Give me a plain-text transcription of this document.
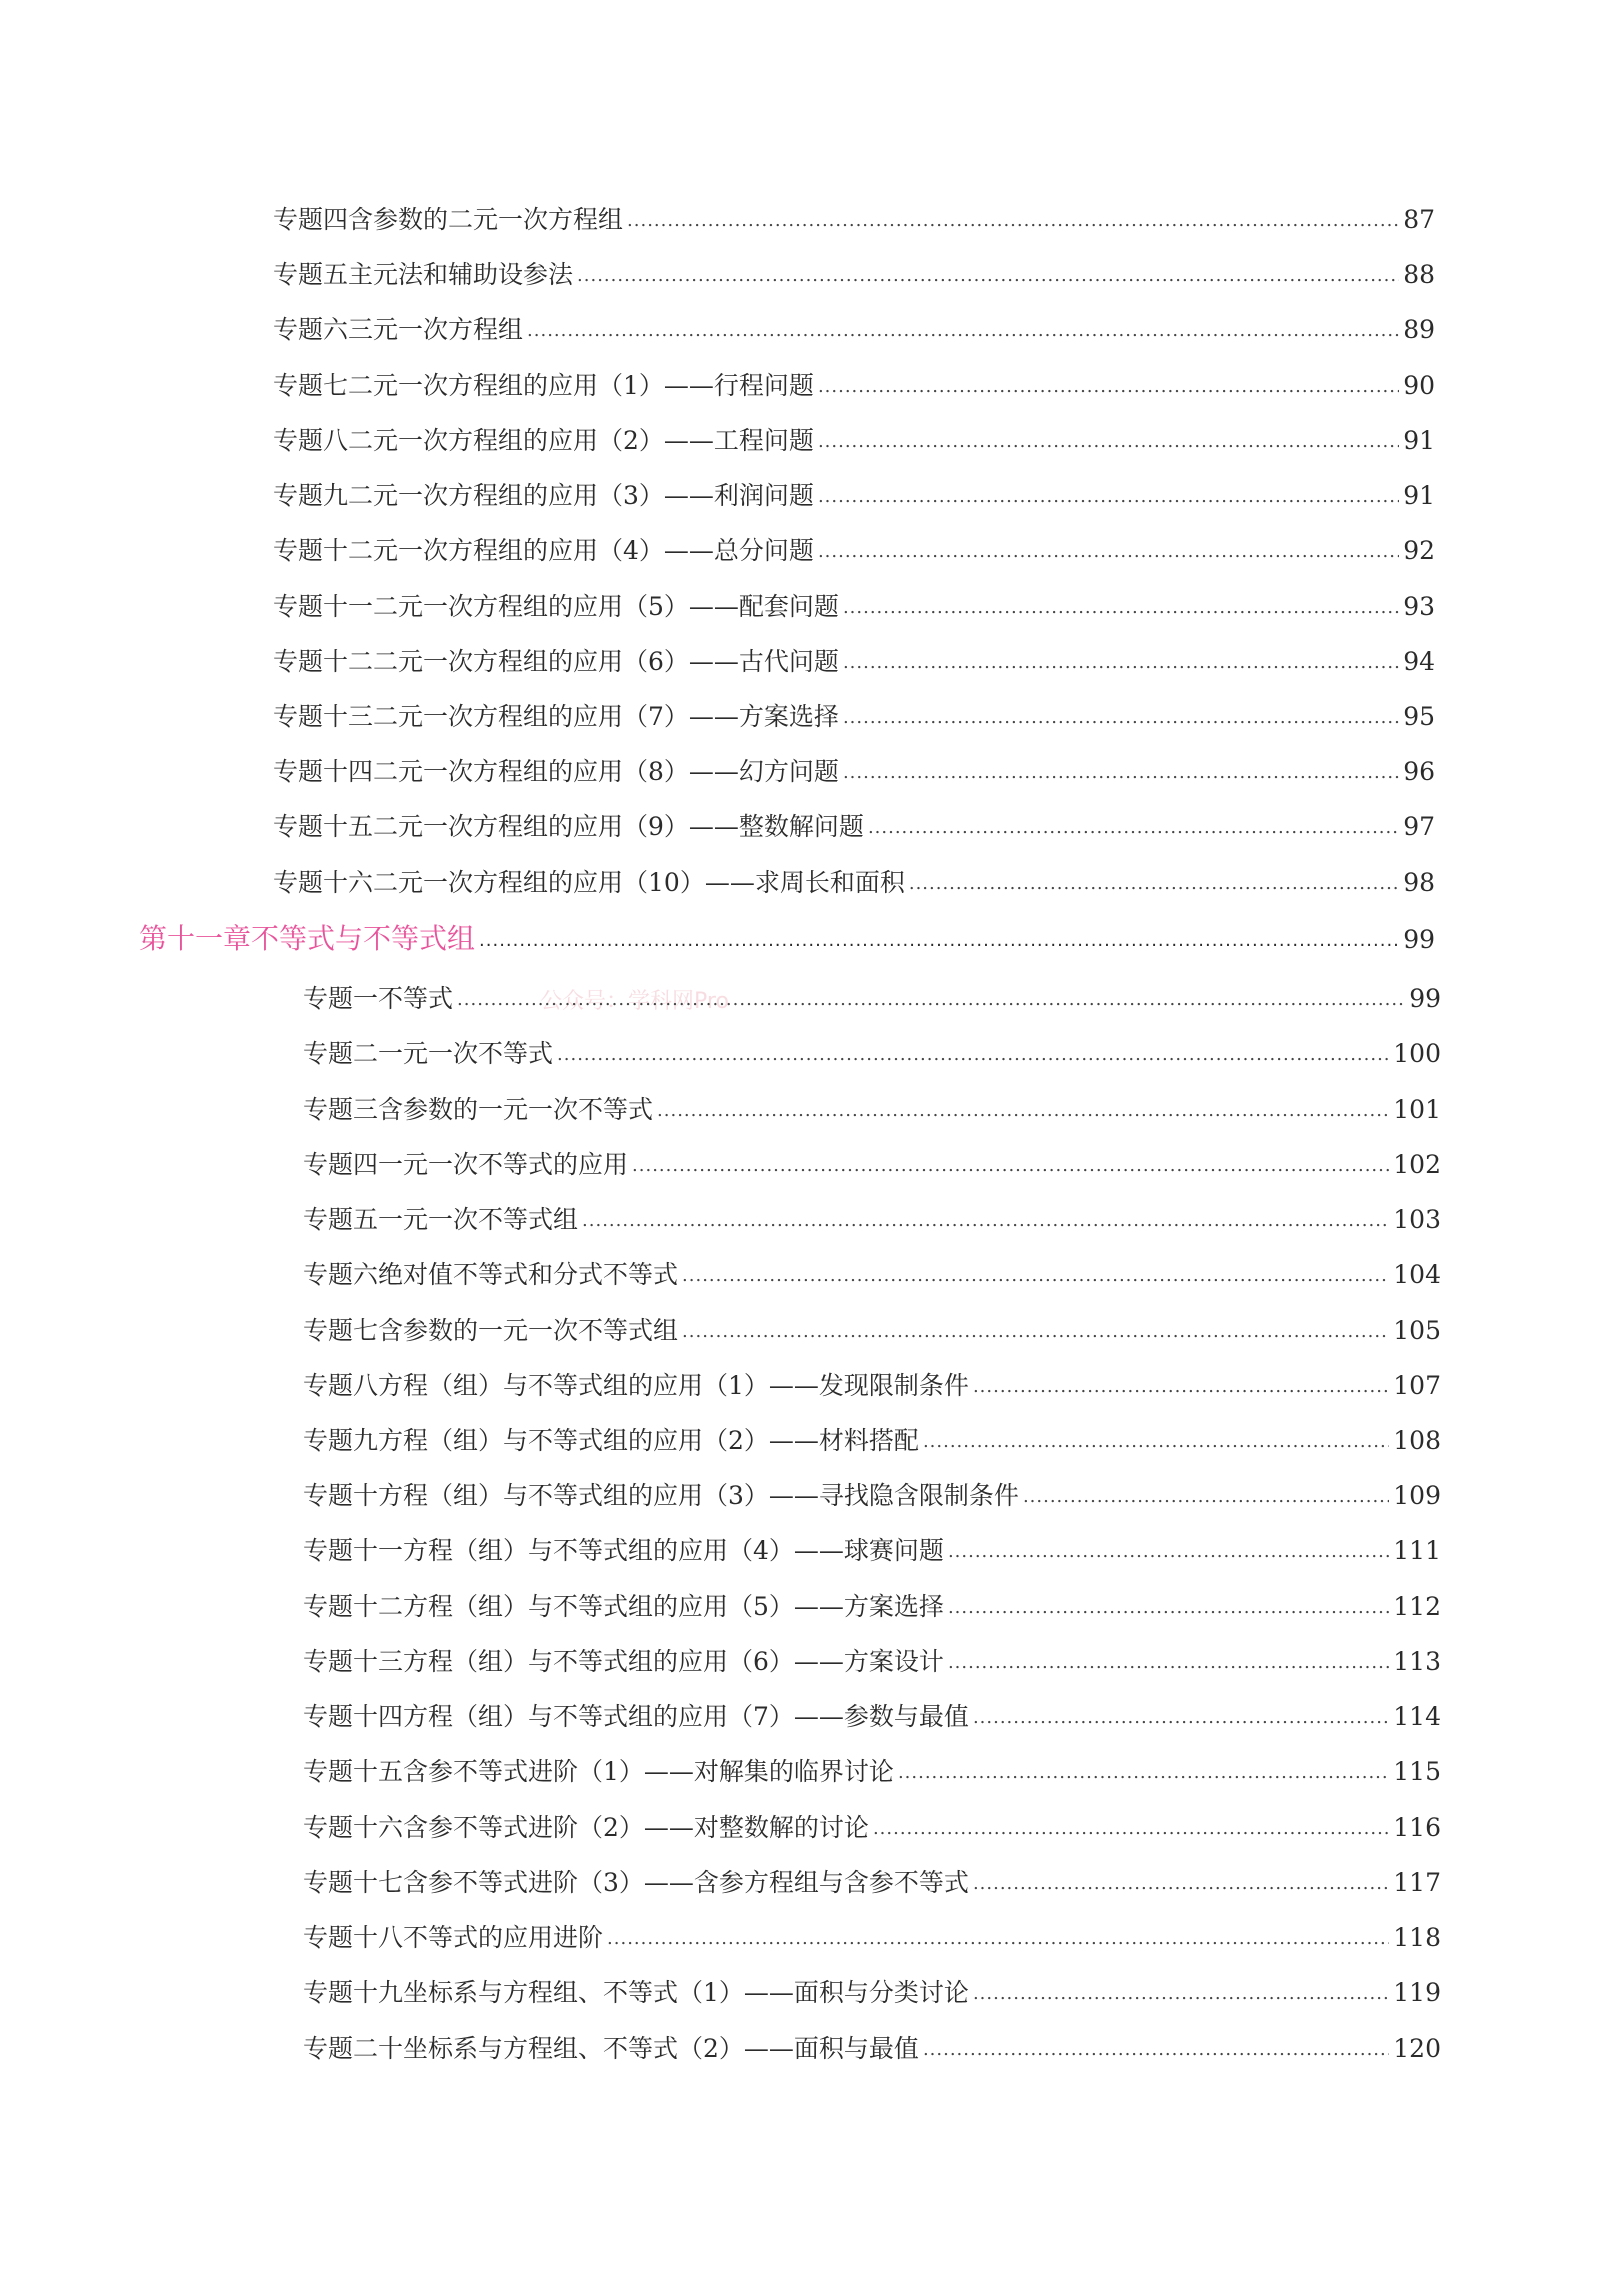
专题四 含参数的二元一次方程组 .....	87
专题五 主元法和辅助设参法 .....	88
专题六 三元一次方程组 .....	89
专题七 二元一次方程组的应用（1）——行程问题 .....	90
专题八 二元一次方程组的应用（2）——工程问题 .....	91
专题九 二元一次方程组的应用（3）——利润问题 .....	91
专题十 二元一次方程组的应用（4）——总分问题 .....	92
专题十一 二元一次方程组的应用（5）——配套问题 .....	93
专题十二 二元一次方程组的应用（6）——古代问题 .....	94
专题十三 二元一次方程组的应用（7）——方案选择 .....	95
专题十四 二元一次方程组的应用（8）——幻方问题 .....	96
专题十五 二元一次方程组的应用（9）——整数解问题 .....	97
专题十六 二元一次方程组的应用（10）——求周长和面积 .....	98
第十一章 不等式与不等式组 .....	99
公众号：学科网Pro
专题一 不等式 .....	99
专题二 一元一次不等式 .....	100
专题三 含参数的一元一次不等式 .....	101
专题四 一元一次不等式的应用 .....	102
专题五 一元一次不等式组 .....	103
专题六 绝对值不等式和分式不等式 .....	104
专题七 含参数的一元一次不等式组 .....	105
专题八 方程（组）与不等式组的应用（1）——发现限制条件 .....	107
专题九 方程（组）与不等式组的应用（2）——材料搭配 .....	108
专题十 方程（组）与不等式组的应用（3）——寻找隐含限制条件 .....	109
专题十一 方程（组）与不等式组的应用（4）——球赛问题 .....	111
专题十二 方程（组）与不等式组的应用（5）——方案选择 .....	112
专题十三 方程（组）与不等式组的应用（6）——方案设计 .....	113
专题十四 方程（组）与不等式组的应用（7）——参数与最值 .....	114
专题十五 含参不等式进阶（1）——对解集的临界讨论 .....	115
专题十六 含参不等式进阶（2）——对整数解的讨论 .....	116
专题十七 含参不等式进阶（3）——含参方程组与含参不等式 .....	117
专题十八 不等式的应用进阶 .....	118
专题十九 坐标系与方程组、不等式（1）——面积与分类讨论 .....	119
专题二十 坐标系与方程组、不等式（2）——面积与最值 .....	120
